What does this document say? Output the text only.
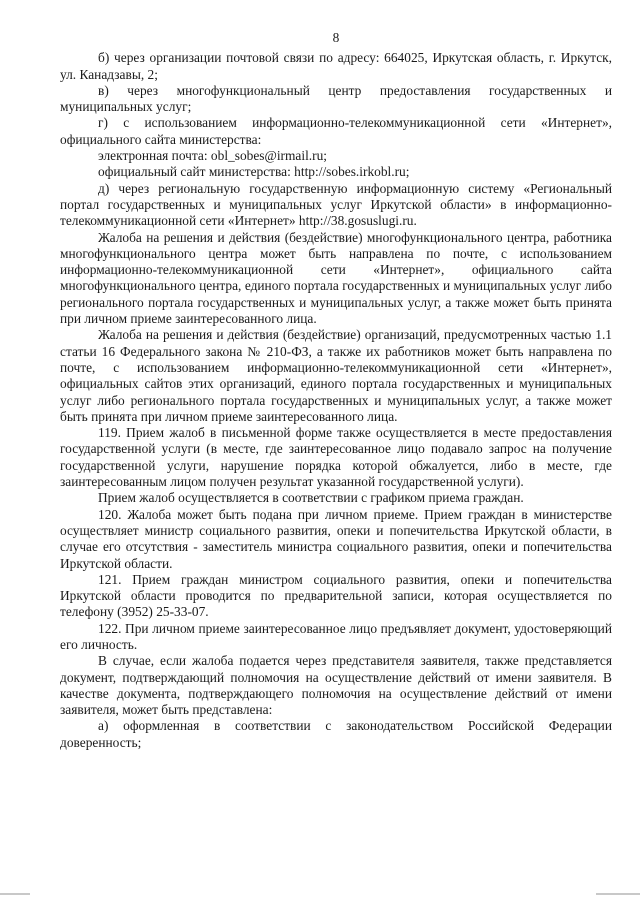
8

б) через организации почтовой связи по адресу: 664025, Иркутская область, г. Иркутск, ул. Канадзавы, 2;

в) через многофункциональный центр предоставления государственных и муниципальных услуг;

г) с использованием информационно-телекоммуникационной сети «Интернет», официального сайта министерства:

электронная почта: obl_sobes@irmail.ru;

официальный сайт министерства: http://sobes.irkobl.ru;

д) через региональную государственную информационную систему «Региональный портал государственных и муниципальных услуг Иркутской области» в информационно-телекоммуникационной сети «Интернет» http://38.gosuslugi.ru.

Жалоба на решения и действия (бездействие) многофункционального центра, работника многофункционального центра может быть направлена по почте, с использованием информационно-телекоммуникационной сети «Интернет», официального сайта многофункционального центра, единого портала государственных и муниципальных услуг либо регионального портала государственных и муниципальных услуг, а также может быть принята при личном приеме заинтересованного лица.

Жалоба на решения и действия (бездействие) организаций, предусмотренных частью 1.1 статьи 16 Федерального закона № 210-ФЗ, а также их работников может быть направлена по почте, с использованием информационно-телекоммуникационной сети «Интернет», официальных сайтов этих организаций, единого портала государственных и муниципальных услуг либо регионального портала государственных и муниципальных услуг, а также может быть принята при личном приеме заинтересованного лица.

119. Прием жалоб в письменной форме также осуществляется в месте предоставления государственной услуги (в месте, где заинтересованное лицо подавало запрос на получение государственной услуги, нарушение порядка которой обжалуется, либо в месте, где заинтересованным лицом получен результат указанной государственной услуги).

Прием жалоб осуществляется в соответствии с графиком приема граждан.

120. Жалоба может быть подана при личном приеме. Прием граждан в министерстве осуществляет министр социального развития, опеки и попечительства Иркутской области, в случае его отсутствия - заместитель министра социального развития, опеки и попечительства Иркутской области.

121. Прием граждан министром социального развития, опеки и попечительства Иркутской области проводится по предварительной записи, которая осуществляется по телефону (3952) 25-33-07.

122. При личном приеме заинтересованное лицо предъявляет документ, удостоверяющий его личность.

В случае, если жалоба подается через представителя заявителя, также представляется документ, подтверждающий полномочия на осуществление действий от имени заявителя. В качестве документа, подтверждающего полномочия на осуществление действий от имени заявителя, может быть представлена:

а) оформленная в соответствии с законодательством Российской Федерации доверенность;
